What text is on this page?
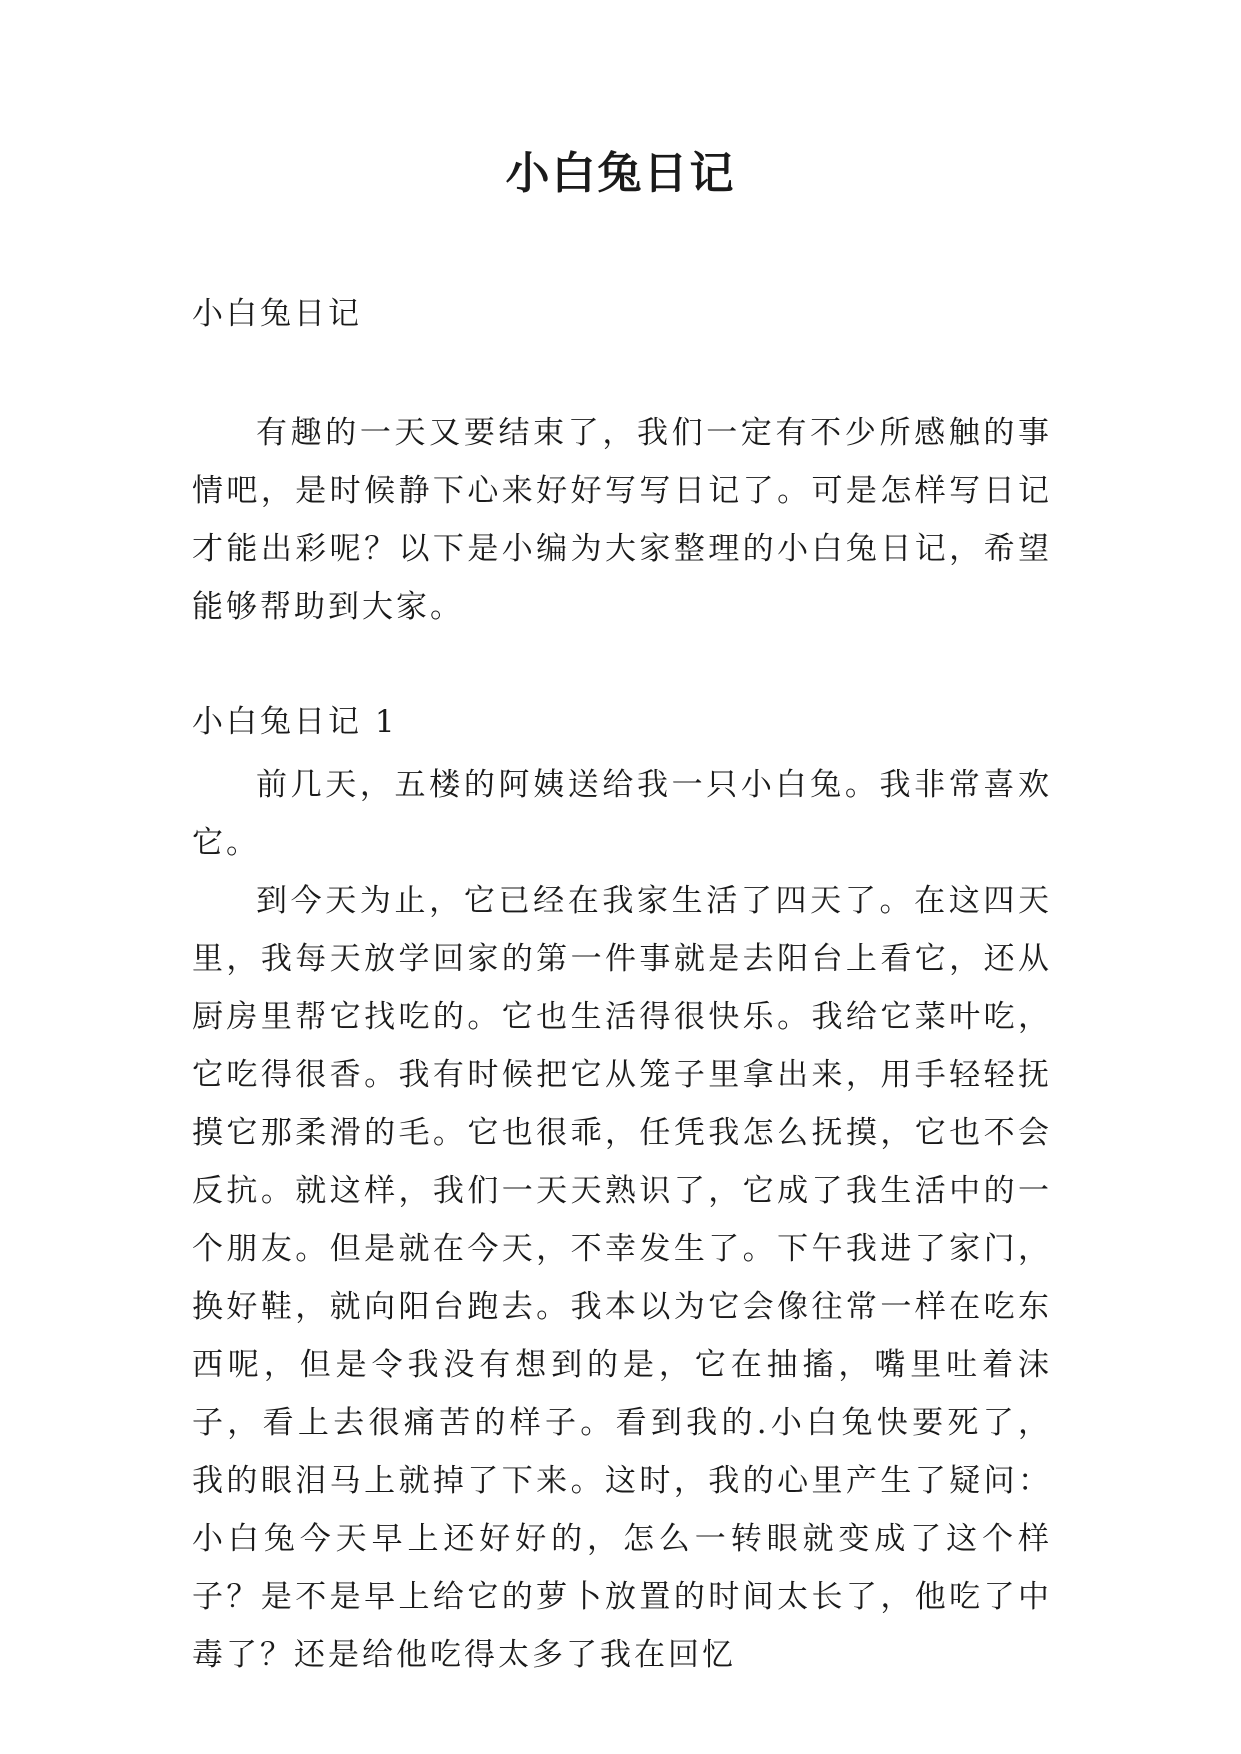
小白兔日记

小白兔日记

有趣的一天又要结束了，我们一定有不少所感触的事情吧，是时候静下心来好好写写日记了。可是怎样写日记才能出彩呢？以下是小编为大家整理的小白兔日记，希望能够帮助到大家。

小白兔日记 1

前几天，五楼的阿姨送给我一只小白兔。我非常喜欢它。

到今天为止，它已经在我家生活了四天了。在这四天里，我每天放学回家的第一件事就是去阳台上看它，还从厨房里帮它找吃的。它也生活得很快乐。我给它菜叶吃，它吃得很香。我有时候把它从笼子里拿出来，用手轻轻抚摸它那柔滑的毛。它也很乖，任凭我怎么抚摸，它也不会反抗。就这样，我们一天天熟识了，它成了我生活中的一个朋友。但是就在今天，不幸发生了。下午我进了家门，换好鞋，就向阳台跑去。我本以为它会像往常一样在吃东西呢，但是令我没有想到的是，它在抽搐，嘴里吐着沫子，看上去很痛苦的样子。看到我的.小白兔快要死了，我的眼泪马上就掉了下来。这时，我的心里产生了疑问：小白兔今天早上还好好的，怎么一转眼就变成了这个样子？是不是早上给它的萝卜放置的时间太长了，他吃了中毒了？还是给他吃得太多了我在回忆
